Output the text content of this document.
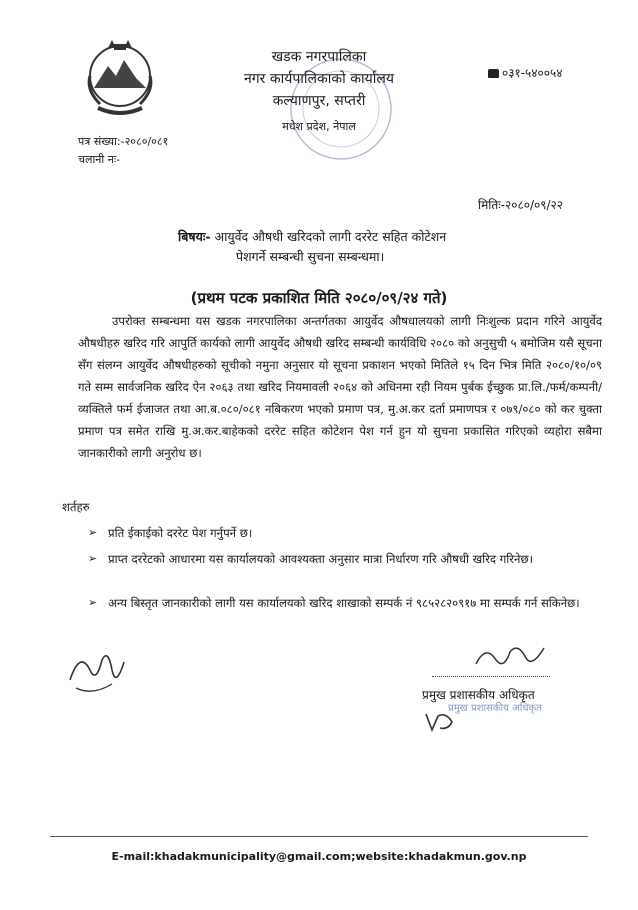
खडक नगरपालिका
नगर कार्यपालिकाको कार्यालय
कल्याणपुर, सप्तरी
मधेश प्रदेश, नेपाल
०३१-५४००५४
पत्र संख्या:-२०८०/०८१
चलानी नः-
मितिः-२०८०/०९/२२
बिषयः- आयुर्वेद औषधी खरिदको लागी दररेट सहित कोटेशन
पेशगर्ने सम्बन्धी सुचना सम्बन्धमा।
(प्रथम पटक प्रकाशित मिति २०८०/०९/२४ गते)
उपरोक्त सम्बन्धमा यस खडक नगरपालिका अन्तर्गतका आयुर्वेद औषधालयको लागी निःशुल्क प्रदान गरिने आयुर्वेद औषधीहरु खरिद गरि आपुर्ति कार्यको लागी आयुर्वेद औषधी खरिद सम्बन्धी कार्यविधि २०८० को अनुसुची ५ बमोजिम यसै सूचना सँग संलग्न आयुर्वेद औषधीहरुको सूचीको नमुना अनुसार यो सूचना प्रकाशन भएको मितिले १५ दिन भित्र मिति २०८०/१०/०९ गते सम्म सार्वजनिक खरिद ऐन २०६३ तथा खरिद नियमावली २०६४ को अधिनमा रही नियम पुर्बक ईच्छुक प्रा.लि./फर्म/कम्पनी/व्यक्तिले फर्म ईजाजत तथा आ.ब.०८०/०८१ नबिकरण भएको प्रमाण पत्र, मु.अ.कर दर्ता प्रमाणपत्र र ०७९/०८० को कर चुक्ता प्रमाण पत्र समेत राखि मु.अ.कर.बाहेकको दररेट सहित कोटेशन पेश गर्न हुन यो सुचना प्रकासित गरिएको व्यहोरा सबैमा जानकारीको लागी अनुरोध छ।
शर्तहरु
➢ प्रति ईकाईको दररेट पेश गर्नुपर्ने छ।
➢ प्राप्त दररेटको आधारमा यस कार्यालयको आवश्यक्ता अनुसार मात्रा निर्धारण गरि औषधी खरिद गरिनेछ।
➢ अन्य बिस्तृत जानकारीको लागी यस कार्यालयको खरिद शाखाको सम्पर्क नं ९८५२८२०९१७ मा सम्पर्क गर्न सकिनेछ।
प्रमुख प्रशासकीय अधिकृत
प्रमुख प्रशासकीय अधिकृत
E-mail:khadakmunicipality@gmail.com;website:khadakmun.gov.np
